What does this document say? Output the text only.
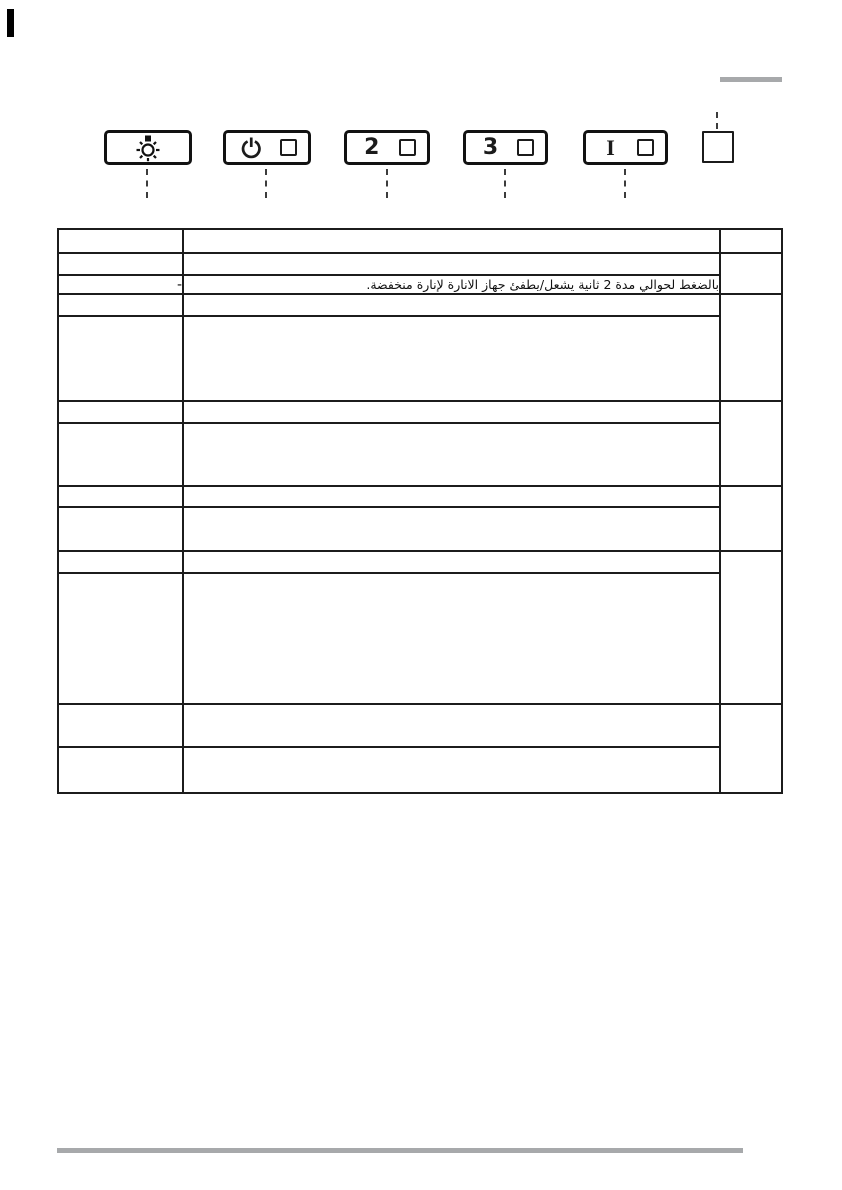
2	3	I

-	بالضغط لحوالي مدة 2 ثانية يشعل/يطفئ جهاز الانارة لإنارة منخفضة.	
